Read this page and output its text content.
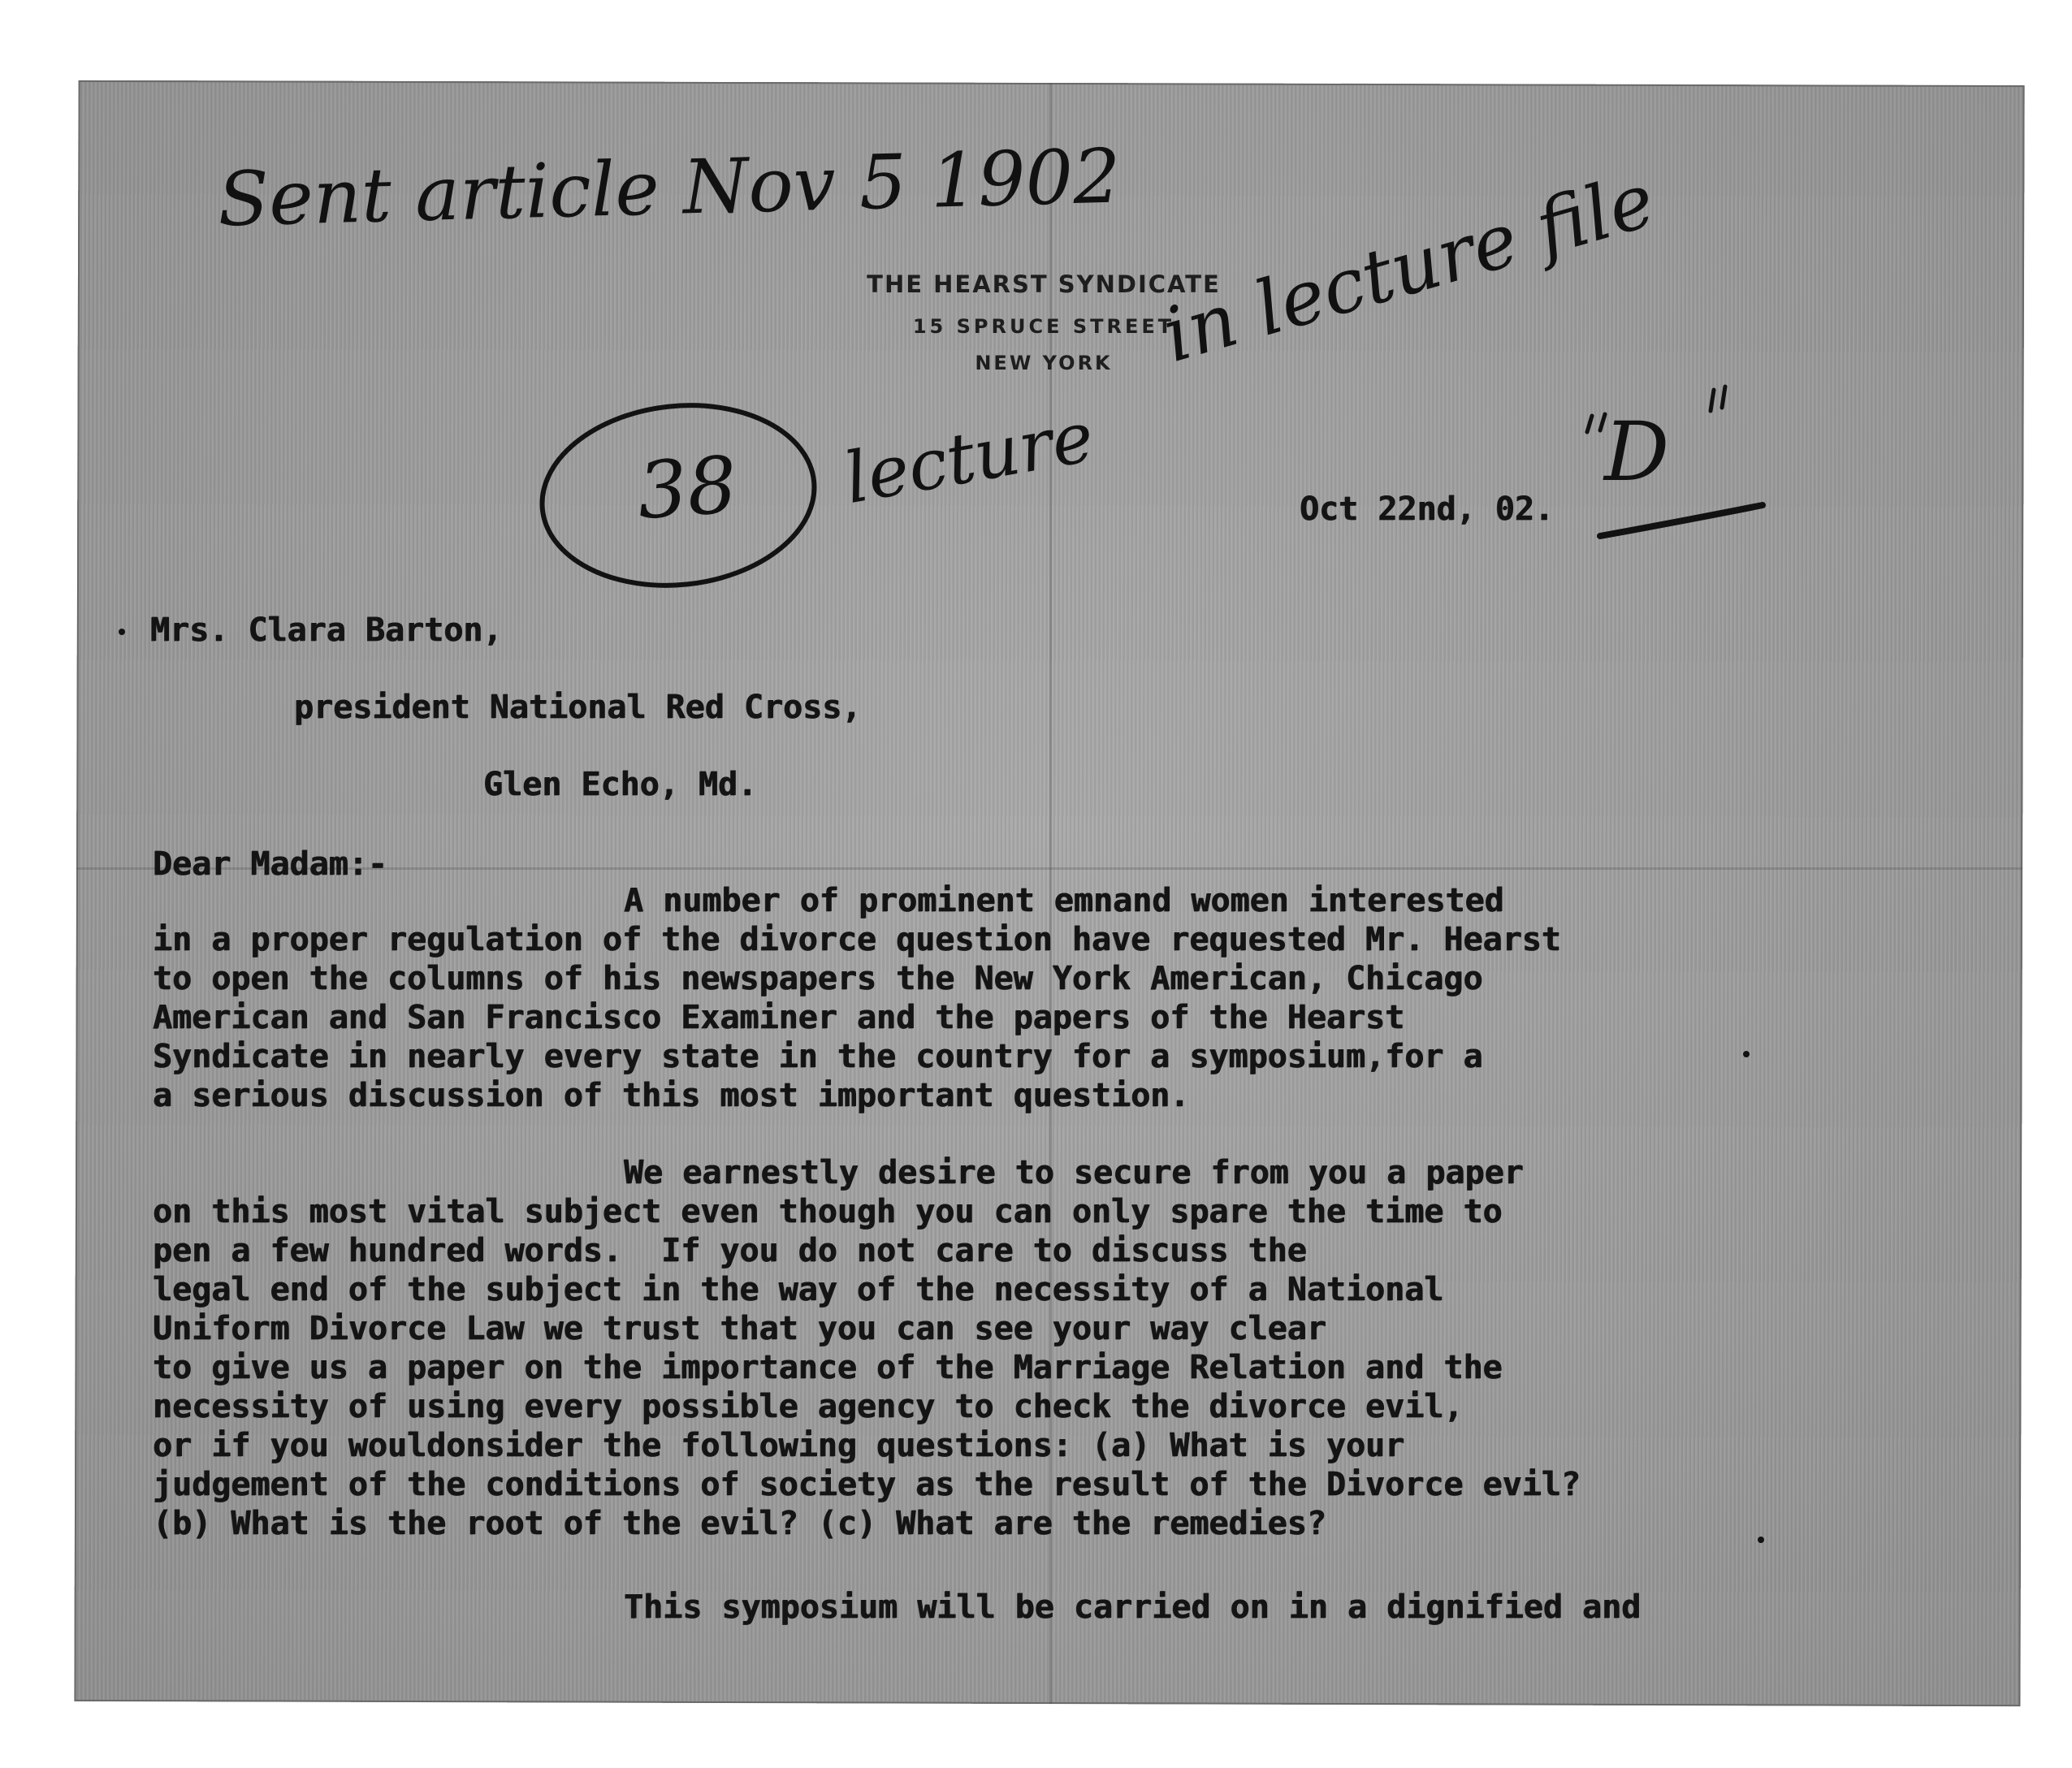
Sent article Nov 5 1902 in lecture file
D
38 lecture
THE HEARST SYNDICATE
15 SPRUCE STREET
NEW YORK
Oct 22nd, 02.
Mrs. Clara Barton,
president National Red Cross,
Glen Echo, Md.
Dear Madam:-
A number of prominent emnand women interested
in a proper regulation of the divorce question have requested Mr. Hearst
to open the columns of his newspapers the New York American, Chicago
American and San Francisco Examiner and the papers of the Hearst
Syndicate in nearly every state in the country for a symposium,for a
a serious discussion of this most important question.
We earnestly desire to secure from you a paper
on this most vital subject even though you can only spare the time to
pen a few hundred words.  If you do not care to discuss the
legal end of the subject in the way of the necessity of a National
Uniform Divorce Law we trust that you can see your way clear
to give us a paper on the importance of the Marriage Relation and the
necessity of using every possible agency to check the divorce evil,
or if you wouldonsider the following questions: (a) What is your
judgement of the conditions of society as the result of the Divorce evil?
(b) What is the root of the evil? (c) What are the remedies?
This symposium will be carried on in a dignified and
